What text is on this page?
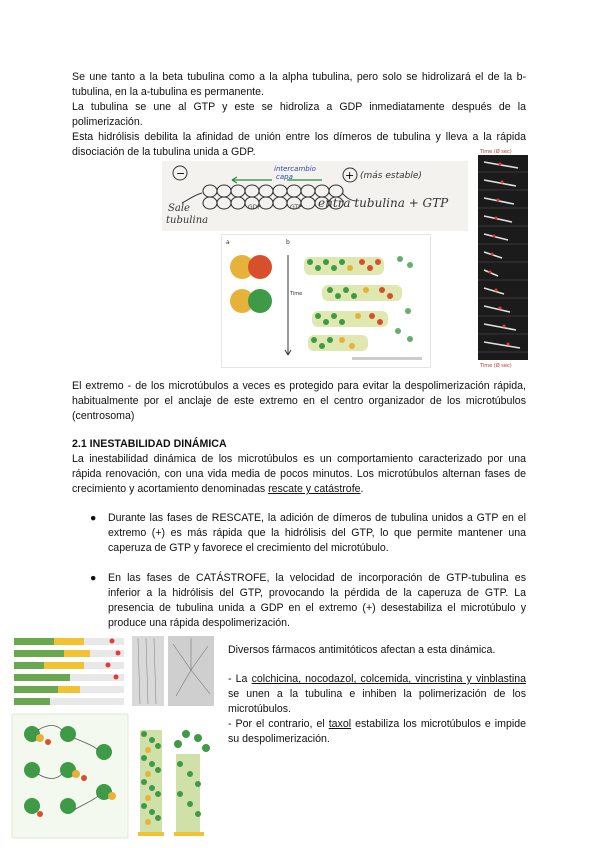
Se une tanto a la beta tubulina como a la alpha tubulina, pero solo se hidrolizará el de la b-tubulina, en la a-tubulina es permanente.

La tubulina se une al GTP y este se hidroliza a GDP inmediatamente después de la polimerización.

Esta hidrólisis debilita la afinidad de unión entre los dímeros de tubulina y lleva a la rápida disociación de la tubulina unida a GDP.

−	intercambio
capa	+ (más estable)
GDP	GTP
Sale
tubulina
entra tubulina + GTP
a	b
Time
Time (Ø sec)
Time (Ø sec)

El extremo - de los microtúbulos a veces es protegido para evitar la despolimerización rápida, habitualmente por el anclaje de este extremo en el centro organizador de los microtúbulos (centrosoma)

2.1 INESTABILIDAD DINÁMICA

La inestabilidad dinámica de los microtúbulos es un comportamiento caracterizado por una rápida renovación, con una vida media de pocos minutos. Los microtúbulos alternan fases de crecimiento y acortamiento denominadas rescate y catástrofe.

● Durante las fases de RESCATE, la adición de dímeros de tubulina unidos a GTP en el extremo (+) es más rápida que la hidrólisis del GTP, lo que permite mantener una caperuza de GTP y favorece el crecimiento del microtúbulo.

● En las fases de CATÁSTROFE, la velocidad de incorporación de GTP-tubulina es inferior a la hidrólisis del GTP, provocando la pérdida de la caperuza de GTP. La presencia de tubulina unida a GDP en el extremo (+) desestabiliza el microtúbulo y produce una rápida despolimerización.

Diversos fármacos antimitóticos afectan a esta dinámica.

- La colchicina, nocodazol, colcemida, vincristina y vinblastina se unen a la tubulina e inhiben la polimerización de los microtúbulos.

- Por el contrario, el taxol estabiliza los microtúbulos e impide su despolimerización.
